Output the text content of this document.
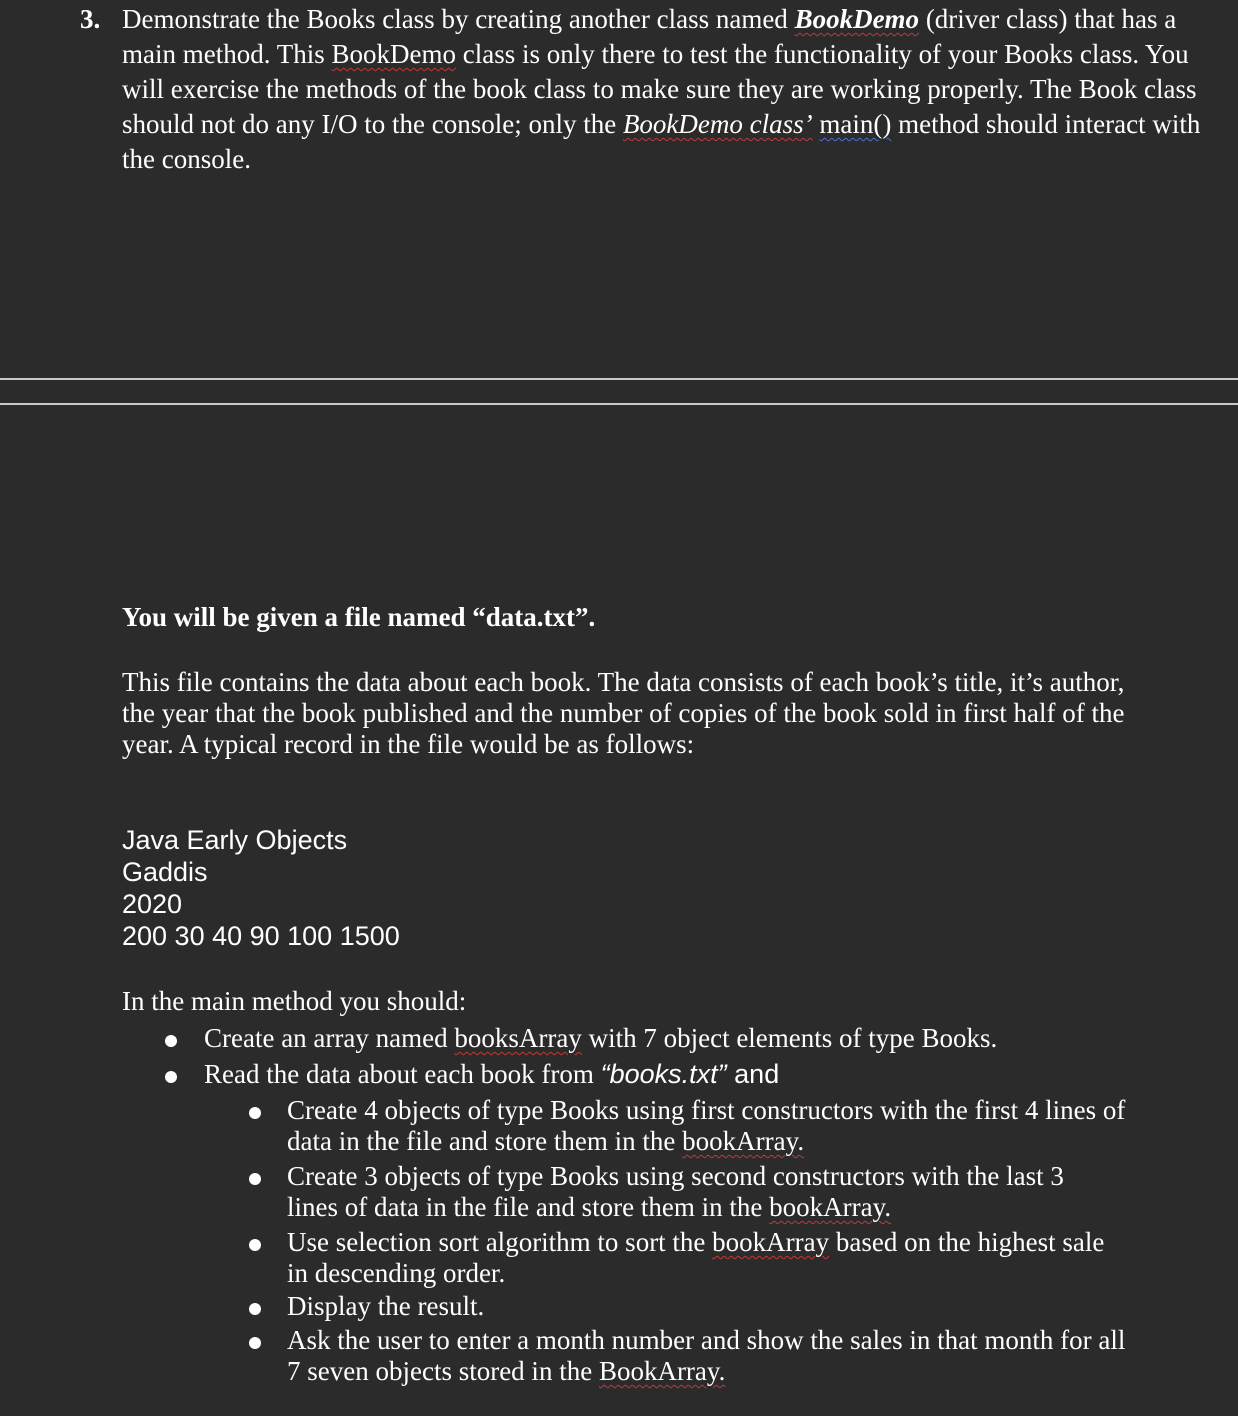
3. Demonstrate the Books class by creating another class named BookDemo (driver class) that has a main method. This BookDemo class is only there to test the functionality of your Books class. You will exercise the methods of the book class to make sure they are working properly. The Book class should not do any I/O to the console; only the BookDemo class’ main() method should interact with the console.
You will be given a file named “data.txt”.
This file contains the data about each book. The data consists of each book’s title, it’s author, the year that the book published and the number of copies of the book sold in first half of the year. A typical record in the file would be as follows:
Java Early Objects
Gaddis
2020
200 30 40 90 100 1500
In the main method you should:
Create an array named booksArray with 7 object elements of type Books.
Read the data about each book from “books.txt” and
Create 4 objects of type Books using first constructors with the first 4 lines of data in the file and store them in the bookArray.
Create 3 objects of type Books using second constructors with the last 3 lines of data in the file and store them in the bookArray.
Use selection sort algorithm to sort the bookArray based on the highest sale in descending order.
Display the result.
Ask the user to enter a month number and show the sales in that month for all 7 seven objects stored in the BookArray.
